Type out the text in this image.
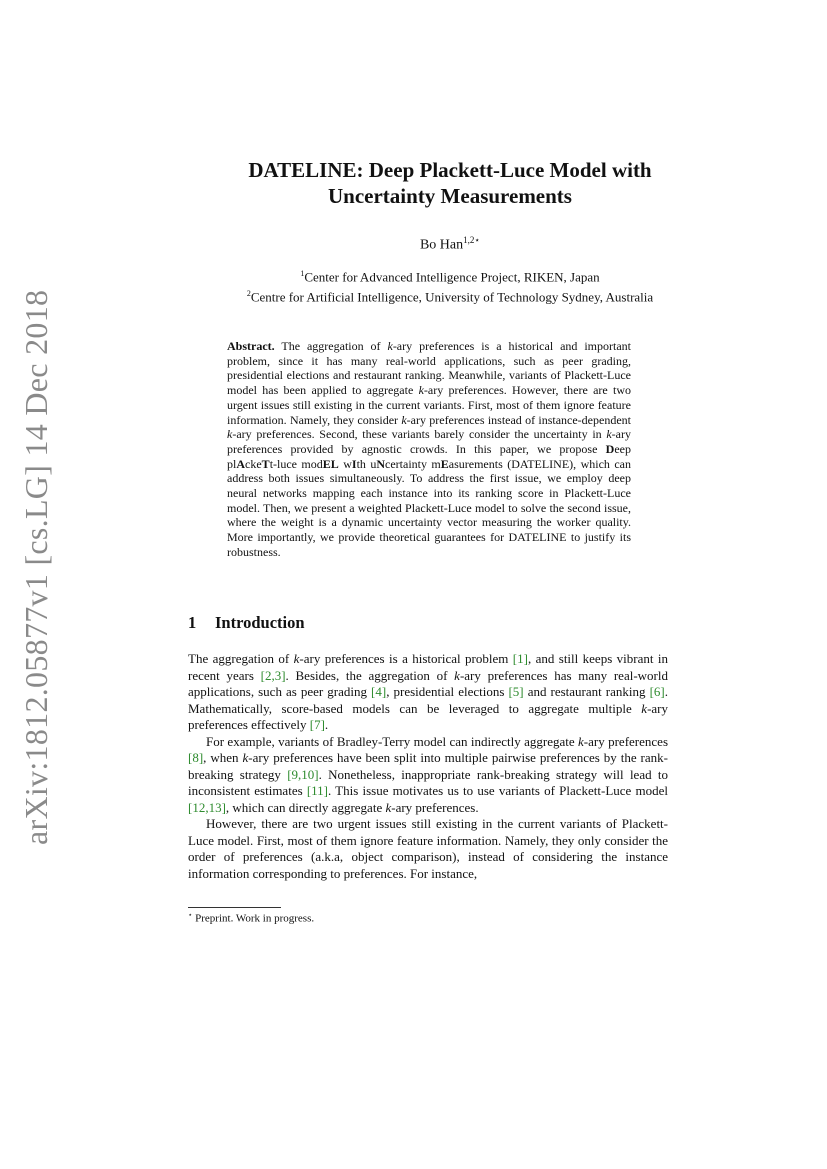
arXiv:1812.05877v1 [cs.LG] 14 Dec 2018
DATELINE: Deep Plackett-Luce Model with
Uncertainty Measurements
Bo Han$^{1,2⋆}$
$^1$Center for Advanced Intelligence Project, RIKEN, Japan
$^2$Centre for Artificial Intelligence, University of Technology Sydney, Australia
Abstract. The aggregation of k-ary preferences is a historical and important problem, since it has many real-world applications, such as peer grading, presidential elections and restaurant ranking. Meanwhile, variants of Plackett-Luce model has been applied to aggregate k-ary preferences. However, there are two urgent issues still existing in the current variants. First, most of them ignore feature information. Namely, they consider k-ary preferences instead of instance-dependent k-ary preferences. Second, these variants barely consider the uncertainty in k-ary preferences provided by agnostic crowds. In this paper, we propose Deep plAckeTt-luce modEL wIth uNcertainty mEasurements (DATELINE), which can address both issues simultaneously. To address the first issue, we employ deep neural networks mapping each instance into its ranking score in Plackett-Luce model. Then, we present a weighted Plackett-Luce model to solve the second issue, where the weight is a dynamic uncertainty vector measuring the worker quality. More importantly, we provide theoretical guarantees for DATELINE to justify its robustness.
1 Introduction

The aggregation of k-ary preferences is a historical problem [1], and still keeps vibrant in recent years [2,3]. Besides, the aggregation of k-ary preferences has many real-world applications, such as peer grading [4], presidential elections [5] and restaurant ranking [6]. Mathematically, score-based models can be leveraged to aggregate multiple k-ary preferences effectively [7].

For example, variants of Bradley-Terry model can indirectly aggregate k-ary preferences [8], when k-ary preferences have been split into multiple pairwise preferences by the rank-breaking strategy [9,10]. Nonetheless, inappropriate rank-breaking strategy will lead to inconsistent estimates [11]. This issue motivates us to use variants of Plackett-Luce model [12,13], which can directly aggregate k-ary preferences.

However, there are two urgent issues still existing in the current variants of Plackett-Luce model. First, most of them ignore feature information. Namely, they only consider the order of preferences (a.k.a, object comparison), instead of considering the instance information corresponding to preferences. For instance,

⋆ Preprint. Work in progress.
